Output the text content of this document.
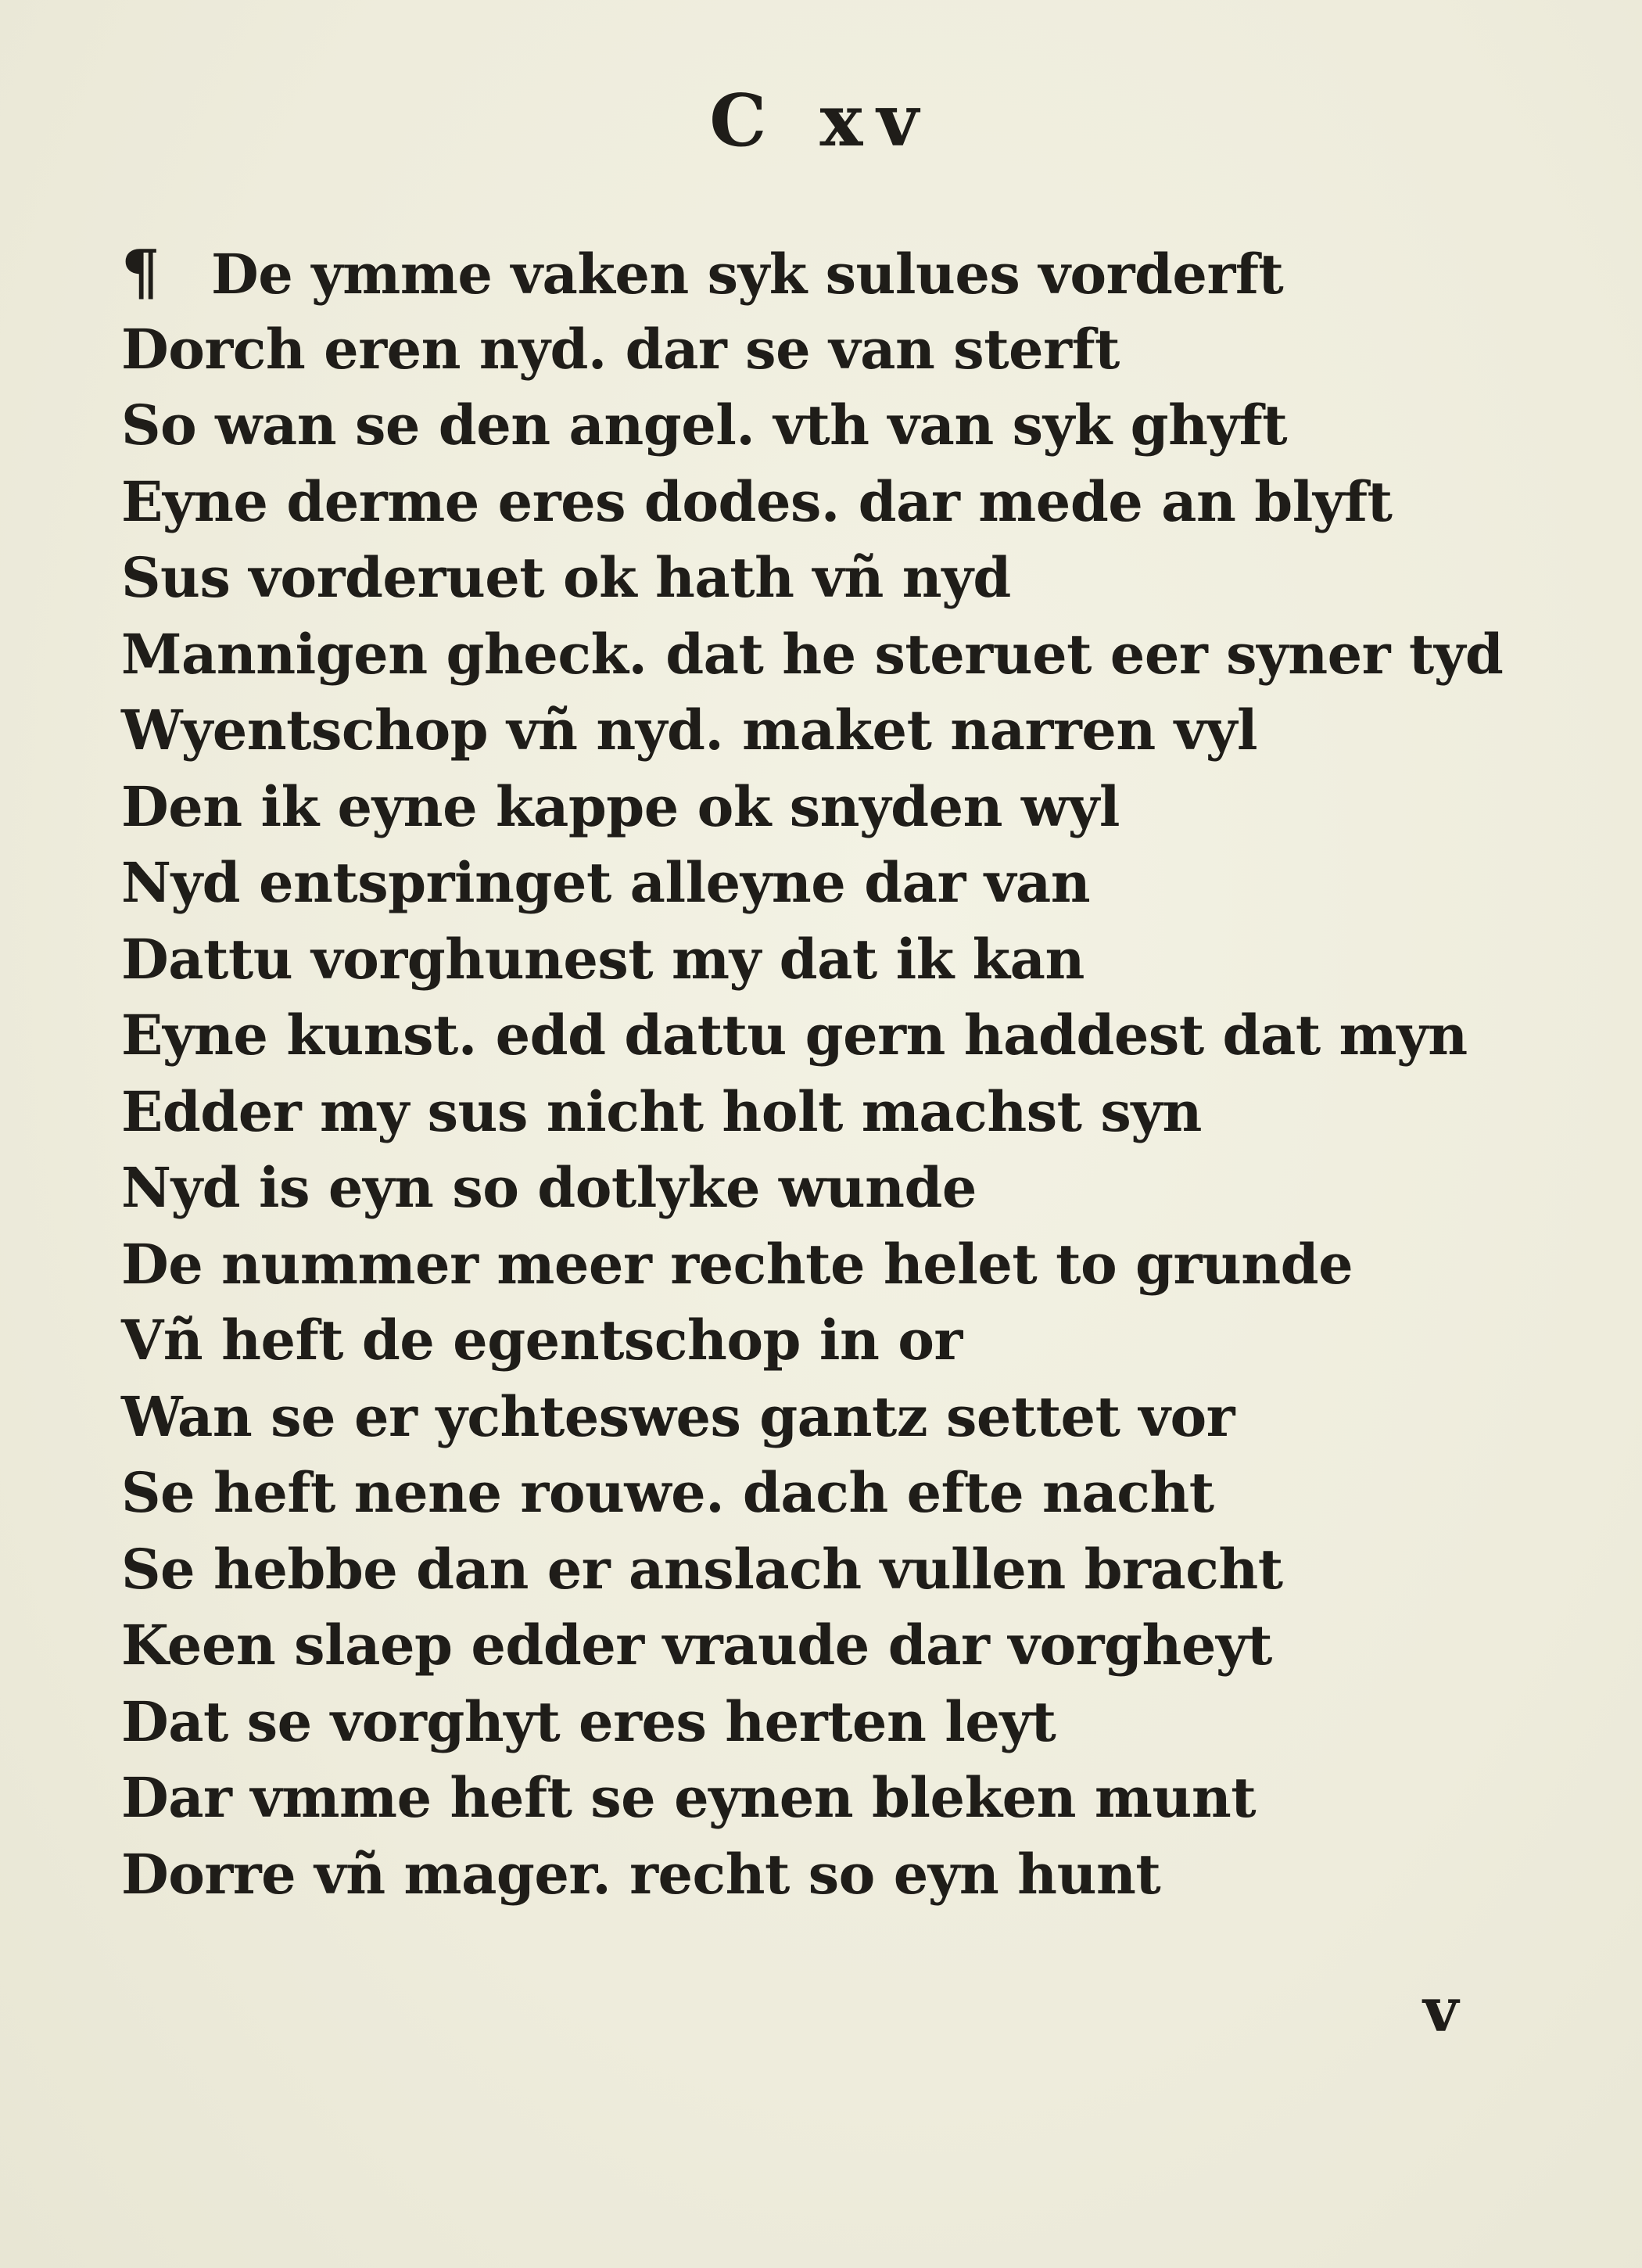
C xv
¶ De ymme vaken syk sulues vorderft
Dorch eren nyd. dar se van sterft
So wan se den angel. vth van syk ghyft
Eyne derme eres dodes. dar mede an blyft
Sus vorderuet ok hath vñ nyd
Mannigen gheck. dat he steruet eer syner tyd
Wyentschop vñ nyd. maket narren vyl
Den ik eyne kappe ok snyden wyl
Nyd entspringet alleyne dar van
Dattu vorghunest my dat ik kan
Eyne kunst. edd dattu gern haddest dat myn
Edder my sus nicht holt machst syn
Nyd is eyn so dotlyke wunde
De nummer meer rechte helet to grunde
Vñ heft de egentschop in or
Wan se er ychteswes gantz settet vor
Se heft nene rouwe. dach efte nacht
Se hebbe dan er anslach vullen bracht
Keen slaep edder vraude dar vorgheyt
Dat se vorghyt eres herten leyt
Dar vmme heft se eynen bleken munt
Dorre vñ mager. recht so eyn hunt
v
